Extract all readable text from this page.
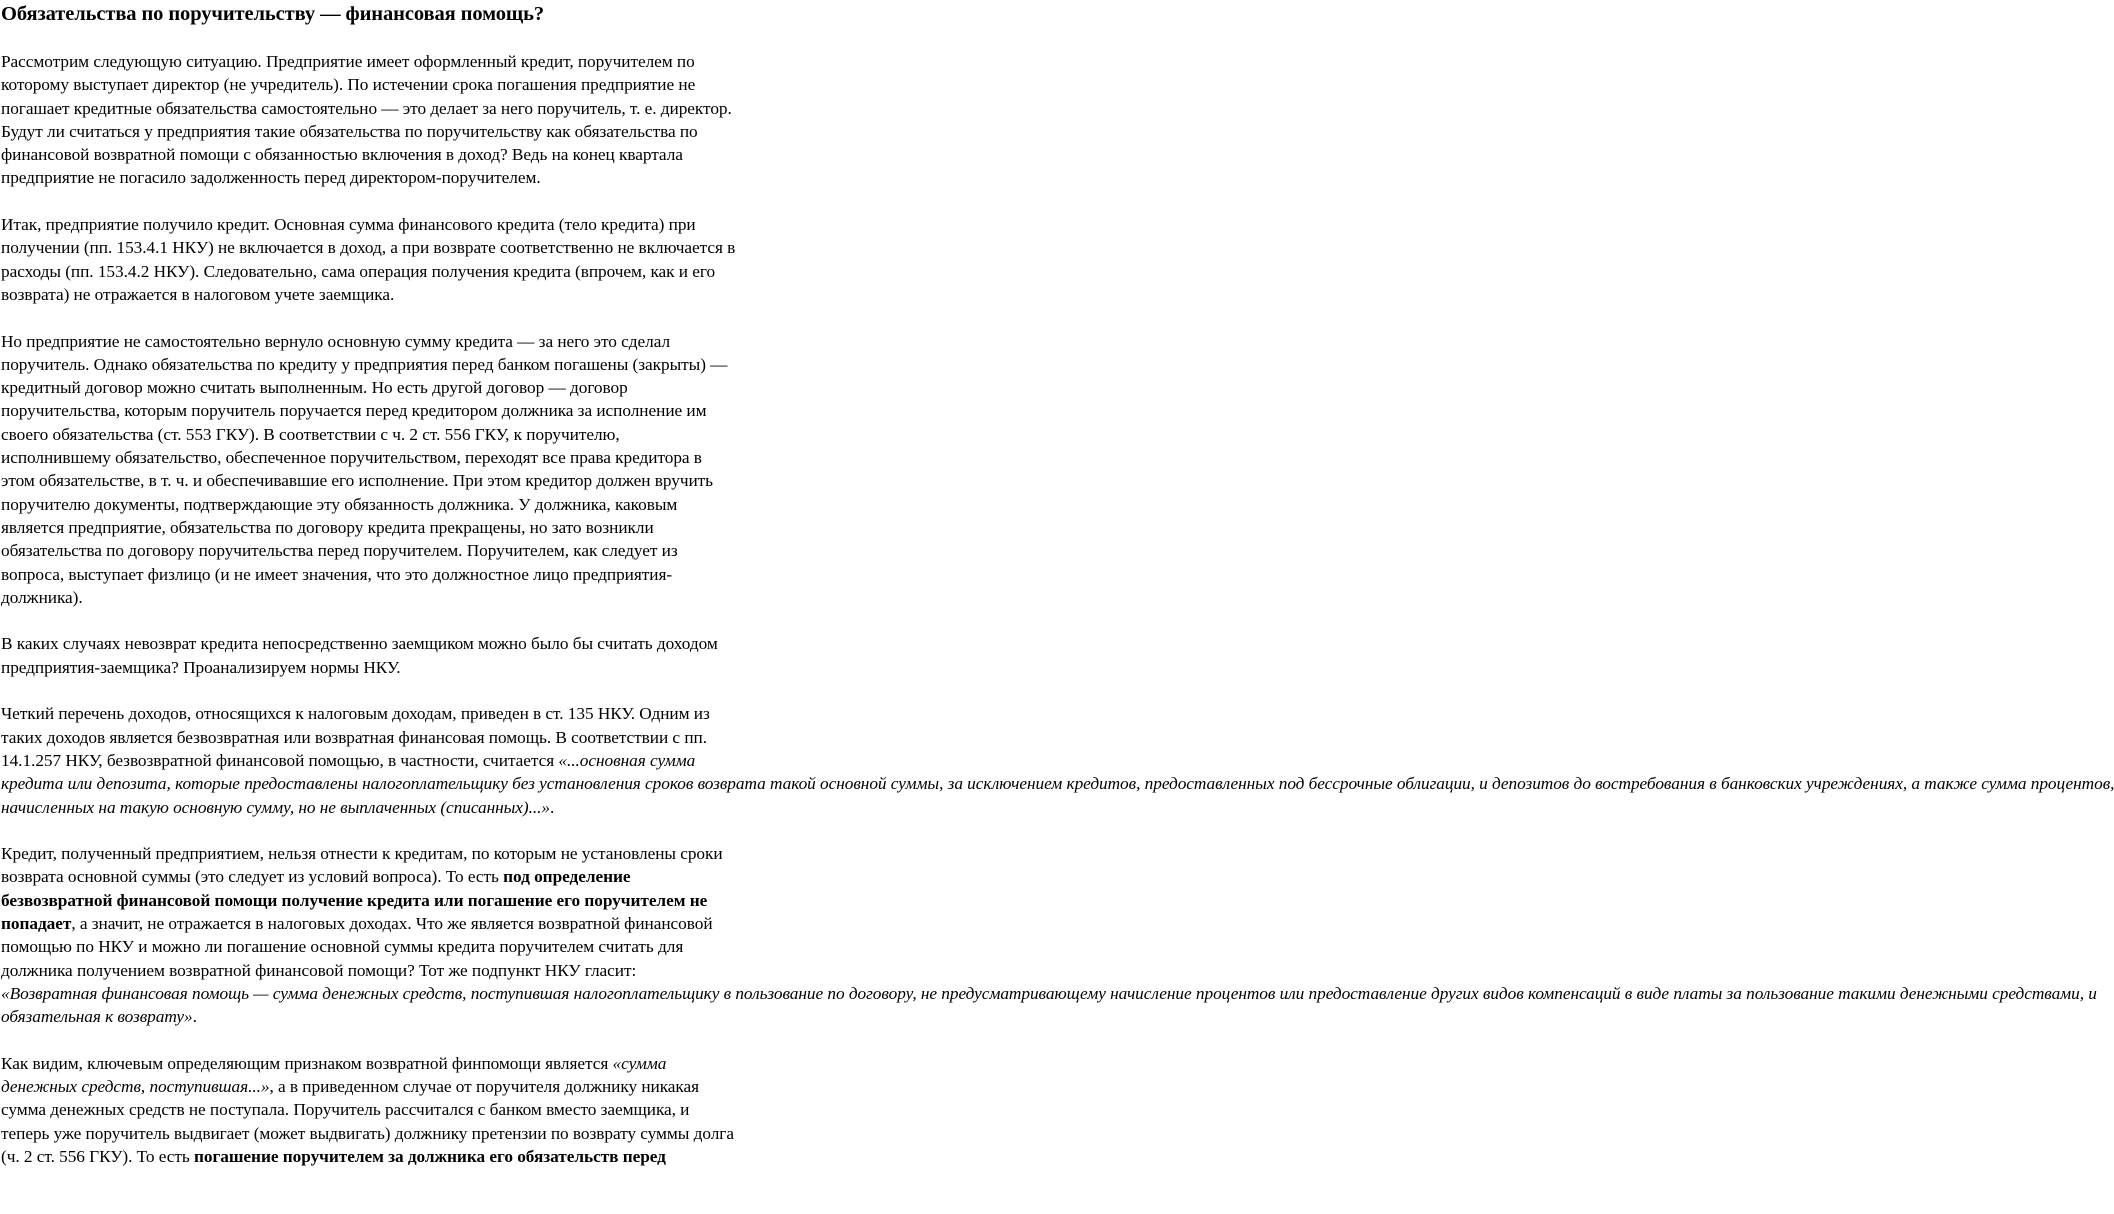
Обязательства по поручительству — финансовая помощь?

Рассмотрим следующую ситуацию. Предприятие имеет оформленный кредит, поручителем по
которому выступает директор (не учредитель). По истечении срока погашения предприятие не
погашает кредитные обязательства самостоятельно — это делает за него поручитель, т. е. директор.
Будут ли считаться у предприятия такие обязательства по поручительству как обязательства по
финансовой возвратной помощи с обязанностью включения в доход? Ведь на конец квартала
предприятие не погасило задолженность перед директором-поручителем.

Итак, предприятие получило кредит. Основная сумма финансового кредита (тело кредита) при
получении (пп. 153.4.1 НКУ) не включается в доход, а при возврате соответственно не включается в
расходы (пп. 153.4.2 НКУ). Следовательно, сама операция получения кредита (впрочем, как и его
возврата) не отражается в налоговом учете заемщика.

Но предприятие не самостоятельно вернуло основную сумму кредита — за него это сделал
поручитель. Однако обязательства по кредиту у предприятия перед банком погашены (закрыты) —
кредитный договор можно считать выполненным. Но есть другой договор — договор
поручительства, которым поручитель поручается перед кредитором должника за исполнение им
своего обязательства (ст. 553 ГКУ). В соответствии с ч. 2 ст. 556 ГКУ, к поручителю,
исполнившему обязательство, обеспеченное поручительством, переходят все права кредитора в
этом обязательстве, в т. ч. и обеспечивавшие его исполнение. При этом кредитор должен вручить
поручителю документы, подтверждающие эту обязанность должника. У должника, каковым
является предприятие, обязательства по договору кредита прекращены, но зато возникли
обязательства по договору поручительства перед поручителем. Поручителем, как следует из
вопроса, выступает физлицо (и не имеет значения, что это должностное лицо предприятия-
должника).

В каких случаях невозврат кредита непосредственно заемщиком можно было бы считать доходом
предприятия-заемщика? Проанализируем нормы НКУ.

Четкий перечень доходов, относящихся к налоговым доходам, приведен в ст. 135 НКУ. Одним из
таких доходов является безвозвратная или возвратная финансовая помощь. В соответствии с пп.
14.1.257 НКУ, безвозвратной финансовой помощью, в частности, считается «...основная сумма
кредита или депозита, которые предоставлены налогоплательщику без установления сроков возврата такой основной суммы, за исключением кредитов, предоставленных под бессрочные облигации, и депозитов до востребования в банковских учреждениях, а также сумма процентов,
начисленных на такую основную сумму, но не выплаченных (списанных)...».

Кредит, полученный предприятием, нельзя отнести к кредитам, по которым не установлены сроки
возврата основной суммы (это следует из условий вопроса). То есть под определение
безвозвратной финансовой помощи получение кредита или погашение его поручителем не
попадает, а значит, не отражается в налоговых доходах. Что же является возвратной финансовой
помощью по НКУ и можно ли погашение основной суммы кредита поручителем считать для
должника получением возвратной финансовой помощи? Тот же подпункт НКУ гласит:
«Возвратная финансовая помощь — сумма денежных средств, поступившая налогоплательщику в пользование по договору, не предусматривающему начисление процентов или предоставление других видов компенсаций в виде платы за пользование такими денежными средствами, и
обязательная к возврату».

Как видим, ключевым определяющим признаком возвратной финпомощи является «сумма
денежных средств, поступившая...», а в приведенном случае от поручителя должнику никакая
сумма денежных средств не поступала. Поручитель рассчитался с банком вместо заемщика, и
теперь уже поручитель выдвигает (может выдвигать) должнику претензии по возврату суммы долга
(ч. 2 ст. 556 ГКУ). То есть погашение поручителем за должника его обязательств перед
